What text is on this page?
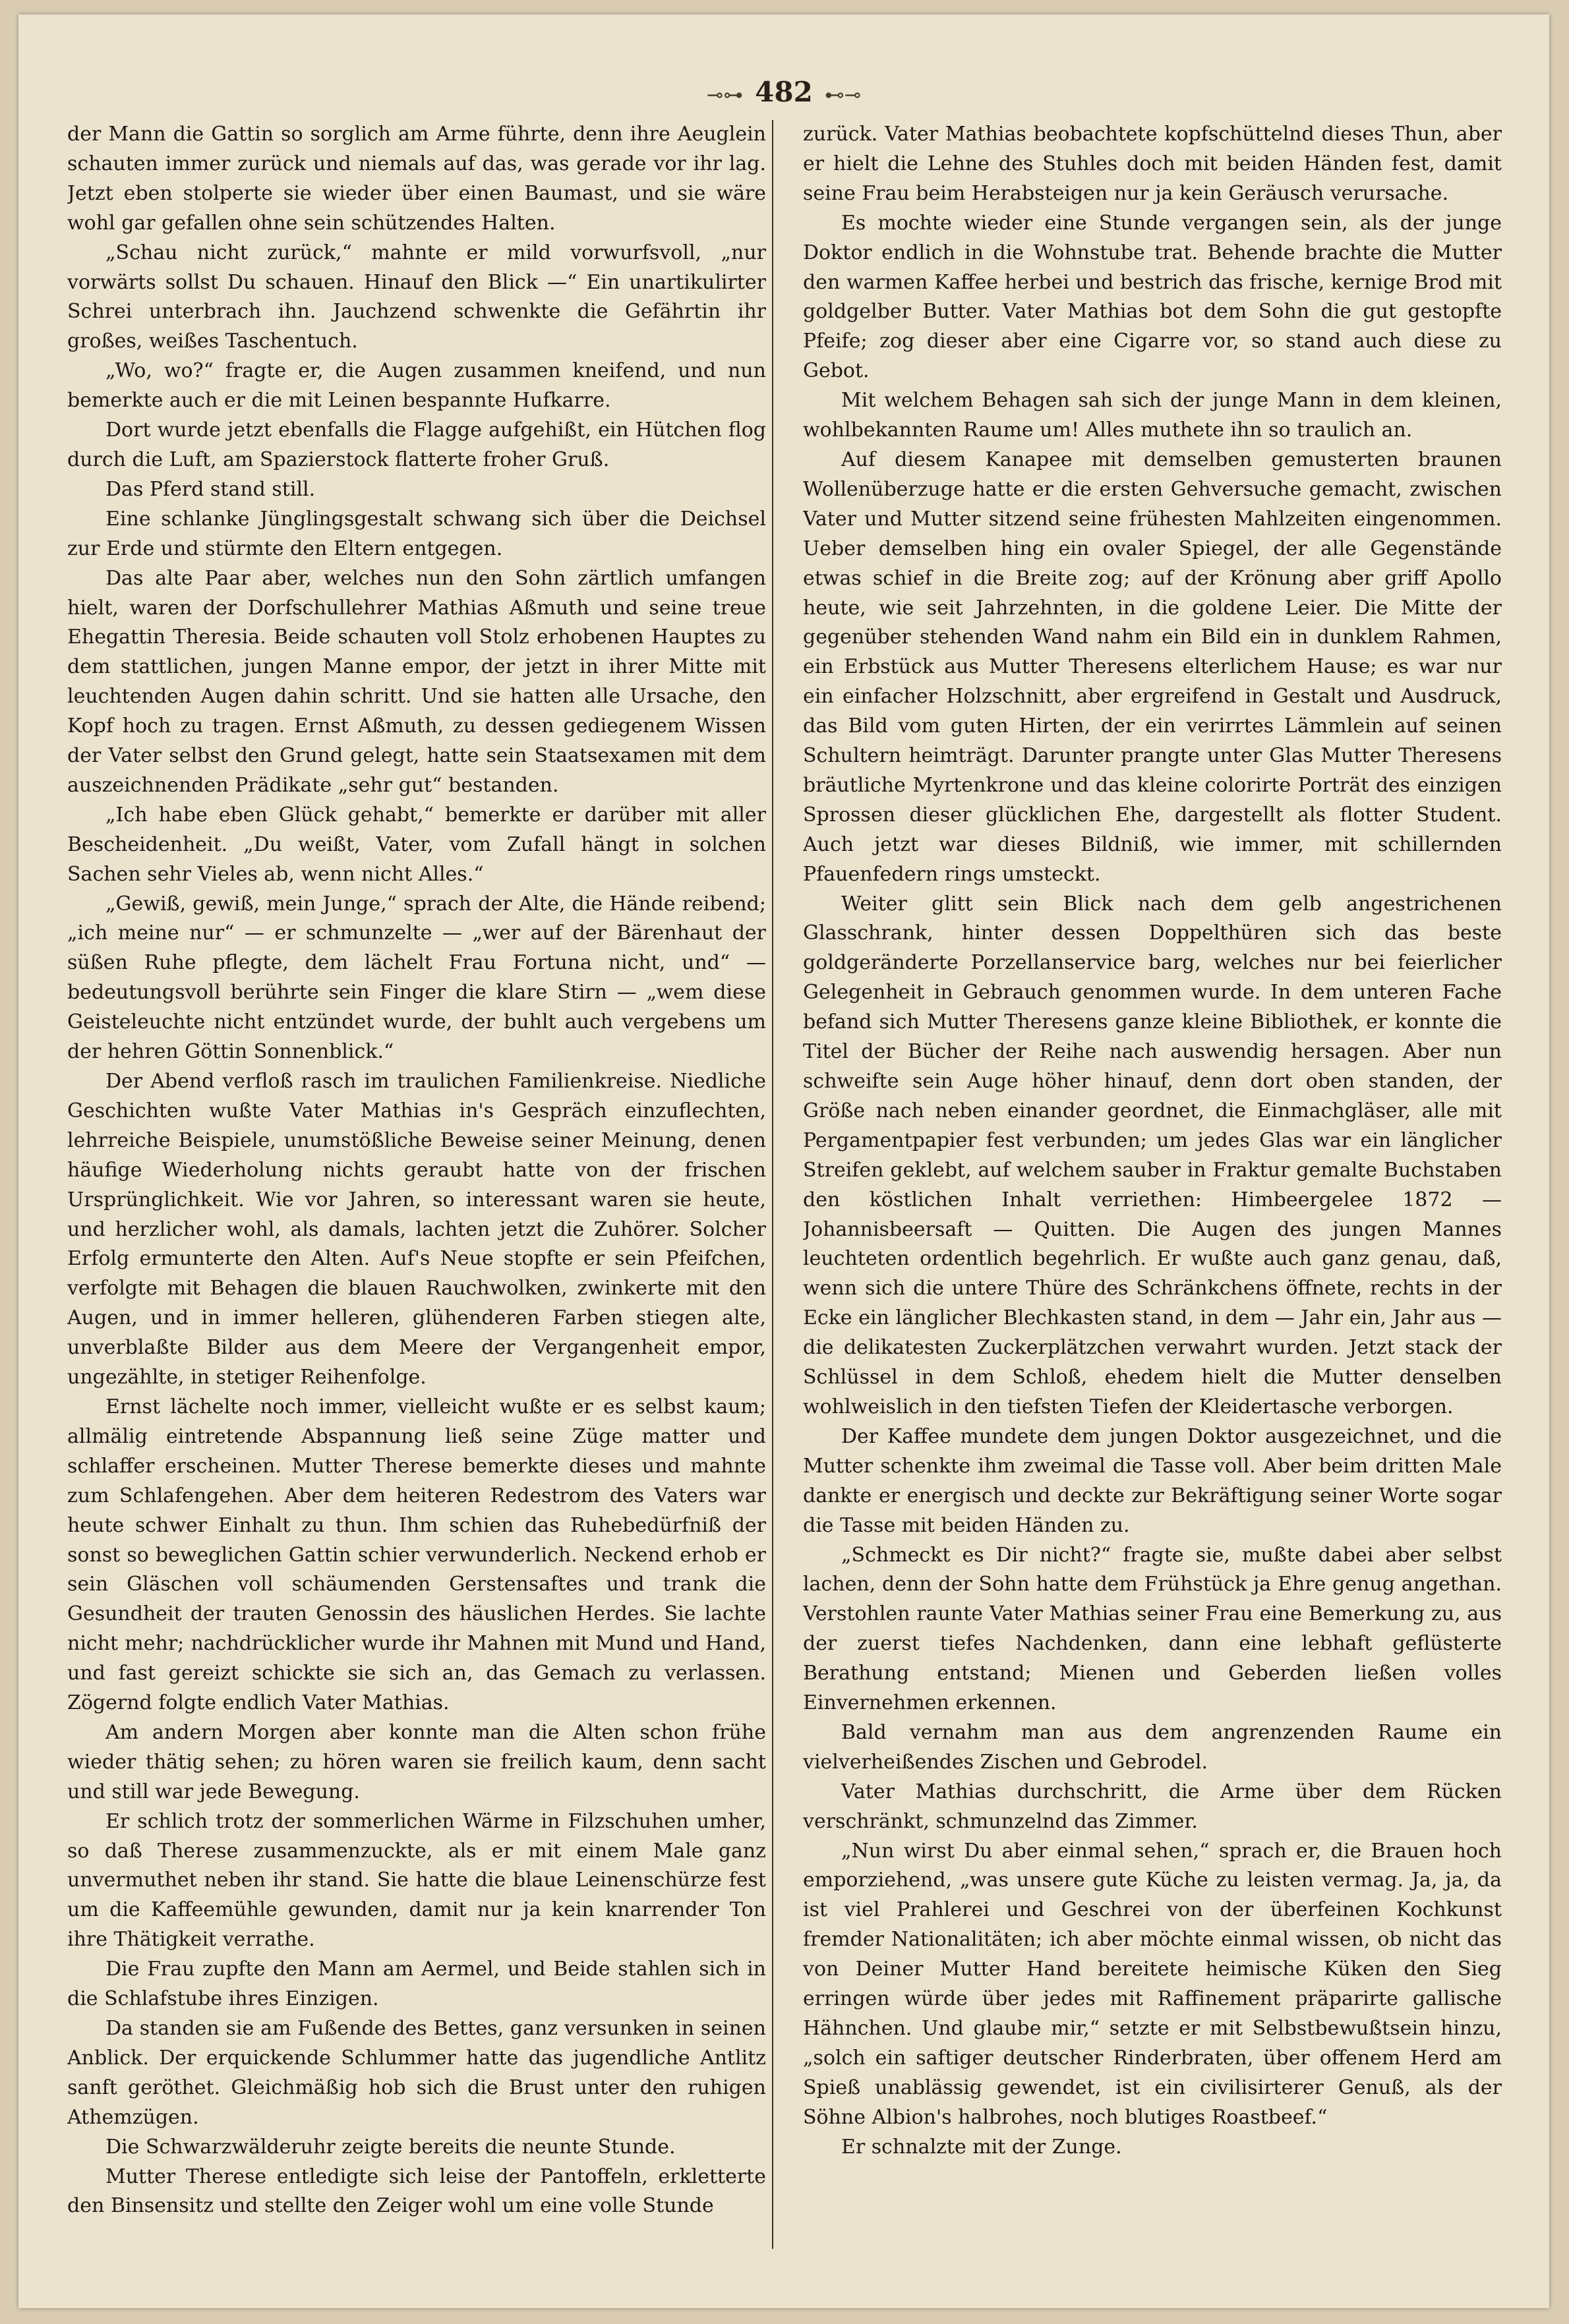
⊸⊶ 482 ⊷⊸

der Mann die Gattin so sorglich am Arme führte, denn ihre Aeuglein schauten immer zurück und niemals auf das, was gerade vor ihr lag. Jetzt eben stolperte sie wieder über einen Baumast, und sie wäre wohl gar gefallen ohne sein schützendes Halten.

„Schau nicht zurück,“ mahnte er mild vorwurfsvoll, „nur vorwärts sollst Du schauen. Hinauf den Blick —“ Ein unartikulirter Schrei unterbrach ihn. Jauchzend schwenkte die Gefährtin ihr großes, weißes Taschentuch.

„Wo, wo?“ fragte er, die Augen zusammen kneifend, und nun bemerkte auch er die mit Leinen bespannte Hufkarre.

Dort wurde jetzt ebenfalls die Flagge aufgehißt, ein Hütchen flog durch die Luft, am Spazierstock flatterte froher Gruß.

Das Pferd stand still.

Eine schlanke Jünglingsgestalt schwang sich über die Deichsel zur Erde und stürmte den Eltern entgegen.

Das alte Paar aber, welches nun den Sohn zärtlich umfangen hielt, waren der Dorfschullehrer Mathias Aßmuth und seine treue Ehegattin Theresia. Beide schauten voll Stolz erhobenen Hauptes zu dem stattlichen, jungen Manne empor, der jetzt in ihrer Mitte mit leuchtenden Augen dahin schritt. Und sie hatten alle Ursache, den Kopf hoch zu tragen. Ernst Aßmuth, zu dessen gediegenem Wissen der Vater selbst den Grund gelegt, hatte sein Staatsexamen mit dem auszeichnenden Prädikate „sehr gut“ bestanden.

„Ich habe eben Glück gehabt,“ bemerkte er darüber mit aller Bescheidenheit. „Du weißt, Vater, vom Zufall hängt in solchen Sachen sehr Vieles ab, wenn nicht Alles.“

„Gewiß, gewiß, mein Junge,“ sprach der Alte, die Hände reibend; „ich meine nur“ — er schmunzelte — „wer auf der Bärenhaut der süßen Ruhe pflegte, dem lächelt Frau Fortuna nicht, und“ — bedeutungsvoll berührte sein Finger die klare Stirn — „wem diese Geisteleuchte nicht entzündet wurde, der buhlt auch vergebens um der hehren Göttin Sonnenblick.“

Der Abend verfloß rasch im traulichen Familienkreise. Niedliche Geschichten wußte Vater Mathias in's Gespräch einzuflechten, lehrreiche Beispiele, unumstößliche Beweise seiner Meinung, denen häufige Wiederholung nichts geraubt hatte von der frischen Ursprünglichkeit. Wie vor Jahren, so interessant waren sie heute, und herzlicher wohl, als damals, lachten jetzt die Zuhörer. Solcher Erfolg ermunterte den Alten. Auf's Neue stopfte er sein Pfeifchen, verfolgte mit Behagen die blauen Rauchwolken, zwinkerte mit den Augen, und in immer helleren, glühenderen Farben stiegen alte, unverblaßte Bilder aus dem Meere der Vergangenheit empor, ungezählte, in stetiger Reihenfolge.

Ernst lächelte noch immer, vielleicht wußte er es selbst kaum; allmälig eintretende Abspannung ließ seine Züge matter und schlaffer erscheinen. Mutter Therese bemerkte dieses und mahnte zum Schlafengehen. Aber dem heiteren Redestrom des Vaters war heute schwer Einhalt zu thun. Ihm schien das Ruhebedürfniß der sonst so beweglichen Gattin schier verwunderlich. Neckend erhob er sein Gläschen voll schäumenden Gerstensaftes und trank die Gesundheit der trauten Genossin des häuslichen Herdes. Sie lachte nicht mehr; nachdrücklicher wurde ihr Mahnen mit Mund und Hand, und fast gereizt schickte sie sich an, das Gemach zu verlassen. Zögernd folgte endlich Vater Mathias.

Am andern Morgen aber konnte man die Alten schon frühe wieder thätig sehen; zu hören waren sie freilich kaum, denn sacht und still war jede Bewegung.

Er schlich trotz der sommerlichen Wärme in Filzschuhen umher, so daß Therese zusammenzuckte, als er mit einem Male ganz unvermuthet neben ihr stand. Sie hatte die blaue Leinenschürze fest um die Kaffeemühle gewunden, damit nur ja kein knarrender Ton ihre Thätigkeit verrathe.

Die Frau zupfte den Mann am Aermel, und Beide stahlen sich in die Schlafstube ihres Einzigen.

Da standen sie am Fußende des Bettes, ganz versunken in seinen Anblick. Der erquickende Schlummer hatte das jugendliche Antlitz sanft geröthet. Gleichmäßig hob sich die Brust unter den ruhigen Athemzügen.

Die Schwarzwälderuhr zeigte bereits die neunte Stunde.

Mutter Therese entledigte sich leise der Pantoffeln, erkletterte den Binsensitz und stellte den Zeiger wohl um eine volle Stunde

zurück. Vater Mathias beobachtete kopfschüttelnd dieses Thun, aber er hielt die Lehne des Stuhles doch mit beiden Händen fest, damit seine Frau beim Herabsteigen nur ja kein Geräusch verursache.

Es mochte wieder eine Stunde vergangen sein, als der junge Doktor endlich in die Wohnstube trat. Behende brachte die Mutter den warmen Kaffee herbei und bestrich das frische, kernige Brod mit goldgelber Butter. Vater Mathias bot dem Sohn die gut gestopfte Pfeife; zog dieser aber eine Cigarre vor, so stand auch diese zu Gebot.

Mit welchem Behagen sah sich der junge Mann in dem kleinen, wohlbekannten Raume um! Alles muthete ihn so traulich an.

Auf diesem Kanapee mit demselben gemusterten braunen Wollenüberzuge hatte er die ersten Gehversuche gemacht, zwischen Vater und Mutter sitzend seine frühesten Mahlzeiten eingenommen. Ueber demselben hing ein ovaler Spiegel, der alle Gegenstände etwas schief in die Breite zog; auf der Krönung aber griff Apollo heute, wie seit Jahrzehnten, in die goldene Leier. Die Mitte der gegenüber stehenden Wand nahm ein Bild ein in dunklem Rahmen, ein Erbstück aus Mutter Theresens elterlichem Hause; es war nur ein einfacher Holzschnitt, aber ergreifend in Gestalt und Ausdruck, das Bild vom guten Hirten, der ein verirrtes Lämmlein auf seinen Schultern heimträgt. Darunter prangte unter Glas Mutter Theresens bräutliche Myrtenkrone und das kleine colorirte Porträt des einzigen Sprossen dieser glücklichen Ehe, dargestellt als flotter Student. Auch jetzt war dieses Bildniß, wie immer, mit schillernden Pfauenfedern rings umsteckt.

Weiter glitt sein Blick nach dem gelb angestrichenen Glasschrank, hinter dessen Doppelthüren sich das beste goldgeränderte Porzellanservice barg, welches nur bei feierlicher Gelegenheit in Gebrauch genommen wurde. In dem unteren Fache befand sich Mutter Theresens ganze kleine Bibliothek, er konnte die Titel der Bücher der Reihe nach auswendig hersagen. Aber nun schweifte sein Auge höher hinauf, denn dort oben standen, der Größe nach neben einander geordnet, die Einmachgläser, alle mit Pergamentpapier fest verbunden; um jedes Glas war ein länglicher Streifen geklebt, auf welchem sauber in Fraktur gemalte Buchstaben den köstlichen Inhalt verriethen: Himbeergelee 1872 — Johannisbeersaft — Quitten. Die Augen des jungen Mannes leuchteten ordentlich begehrlich. Er wußte auch ganz genau, daß, wenn sich die untere Thüre des Schränkchens öffnete, rechts in der Ecke ein länglicher Blechkasten stand, in dem — Jahr ein, Jahr aus — die delikatesten Zuckerplätzchen verwahrt wurden. Jetzt stack der Schlüssel in dem Schloß, ehedem hielt die Mutter denselben wohlweislich in den tiefsten Tiefen der Kleidertasche verborgen.

Der Kaffee mundete dem jungen Doktor ausgezeichnet, und die Mutter schenkte ihm zweimal die Tasse voll. Aber beim dritten Male dankte er energisch und deckte zur Bekräftigung seiner Worte sogar die Tasse mit beiden Händen zu.

„Schmeckt es Dir nicht?“ fragte sie, mußte dabei aber selbst lachen, denn der Sohn hatte dem Frühstück ja Ehre genug angethan. Verstohlen raunte Vater Mathias seiner Frau eine Bemerkung zu, aus der zuerst tiefes Nachdenken, dann eine lebhaft geflüsterte Berathung entstand; Mienen und Geberden ließen volles Einvernehmen erkennen.

Bald vernahm man aus dem angrenzenden Raume ein vielverheißendes Zischen und Gebrodel.

Vater Mathias durchschritt, die Arme über dem Rücken verschränkt, schmunzelnd das Zimmer.

„Nun wirst Du aber einmal sehen,“ sprach er, die Brauen hoch emporziehend, „was unsere gute Küche zu leisten vermag. Ja, ja, da ist viel Prahlerei und Geschrei von der überfeinen Kochkunst fremder Nationalitäten; ich aber möchte einmal wissen, ob nicht das von Deiner Mutter Hand bereitete heimische Küken den Sieg erringen würde über jedes mit Raffinement präparirte gallische Hähnchen. Und glaube mir,“ setzte er mit Selbstbewußtsein hinzu, „solch ein saftiger deutscher Rinderbraten, über offenem Herd am Spieß unablässig gewendet, ist ein civilisirterer Genuß, als der Söhne Albion's halbrohes, noch blutiges Roastbeef.“

Er schnalzte mit der Zunge.
